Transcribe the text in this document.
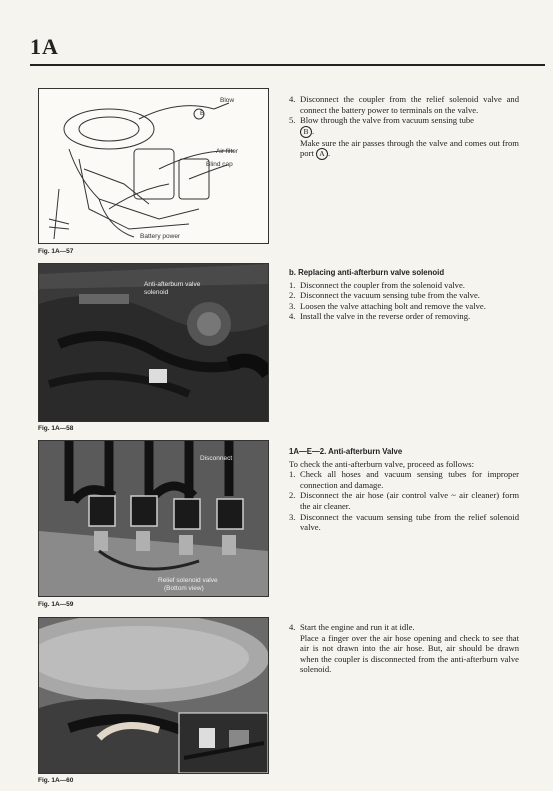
1A
Blow
B
Air filter
Blind cap
Battery power
Fig. 1A—57
Anti-afterburn valve solenoid
Fig. 1A—58
Disconnect
Relief solenoid valve
(Bottom view)
Fig. 1A—59
Fig. 1A—60

4. Disconnect the coupler from the relief solenoid valve and connect the battery power to terminals on the valve.

5. Blow through the valve from vacuum sensing tube
B .

Make sure the air passes through the valve and comes out from port A .

b. Replacing anti-afterburn valve solenoid

1. Disconnect the coupler from the solenoid valve.

2. Disconnect the vacuum sensing tube from the valve.

3. Loosen the valve attaching bolt and remove the valve.

4. Install the valve in the reverse order of removing.

1A—E—2. Anti-afterburn Valve

To check the anti-afterburn valve, proceed as follows:

1. Check all hoses and vacuum sensing tubes for improper connection and damage.

2. Disconnect the air hose (air control valve ~ air cleaner) form the air cleaner.

3. Disconnect the vacuum sensing tube from the relief solenoid valve.

4. Start the engine and run it at idle.

Place a finger over the air hose opening and check to see that air is not drawn into the air hose. But, air should be drawn when the coupler is disconnected from the anti-afterburn valve solenoid.
